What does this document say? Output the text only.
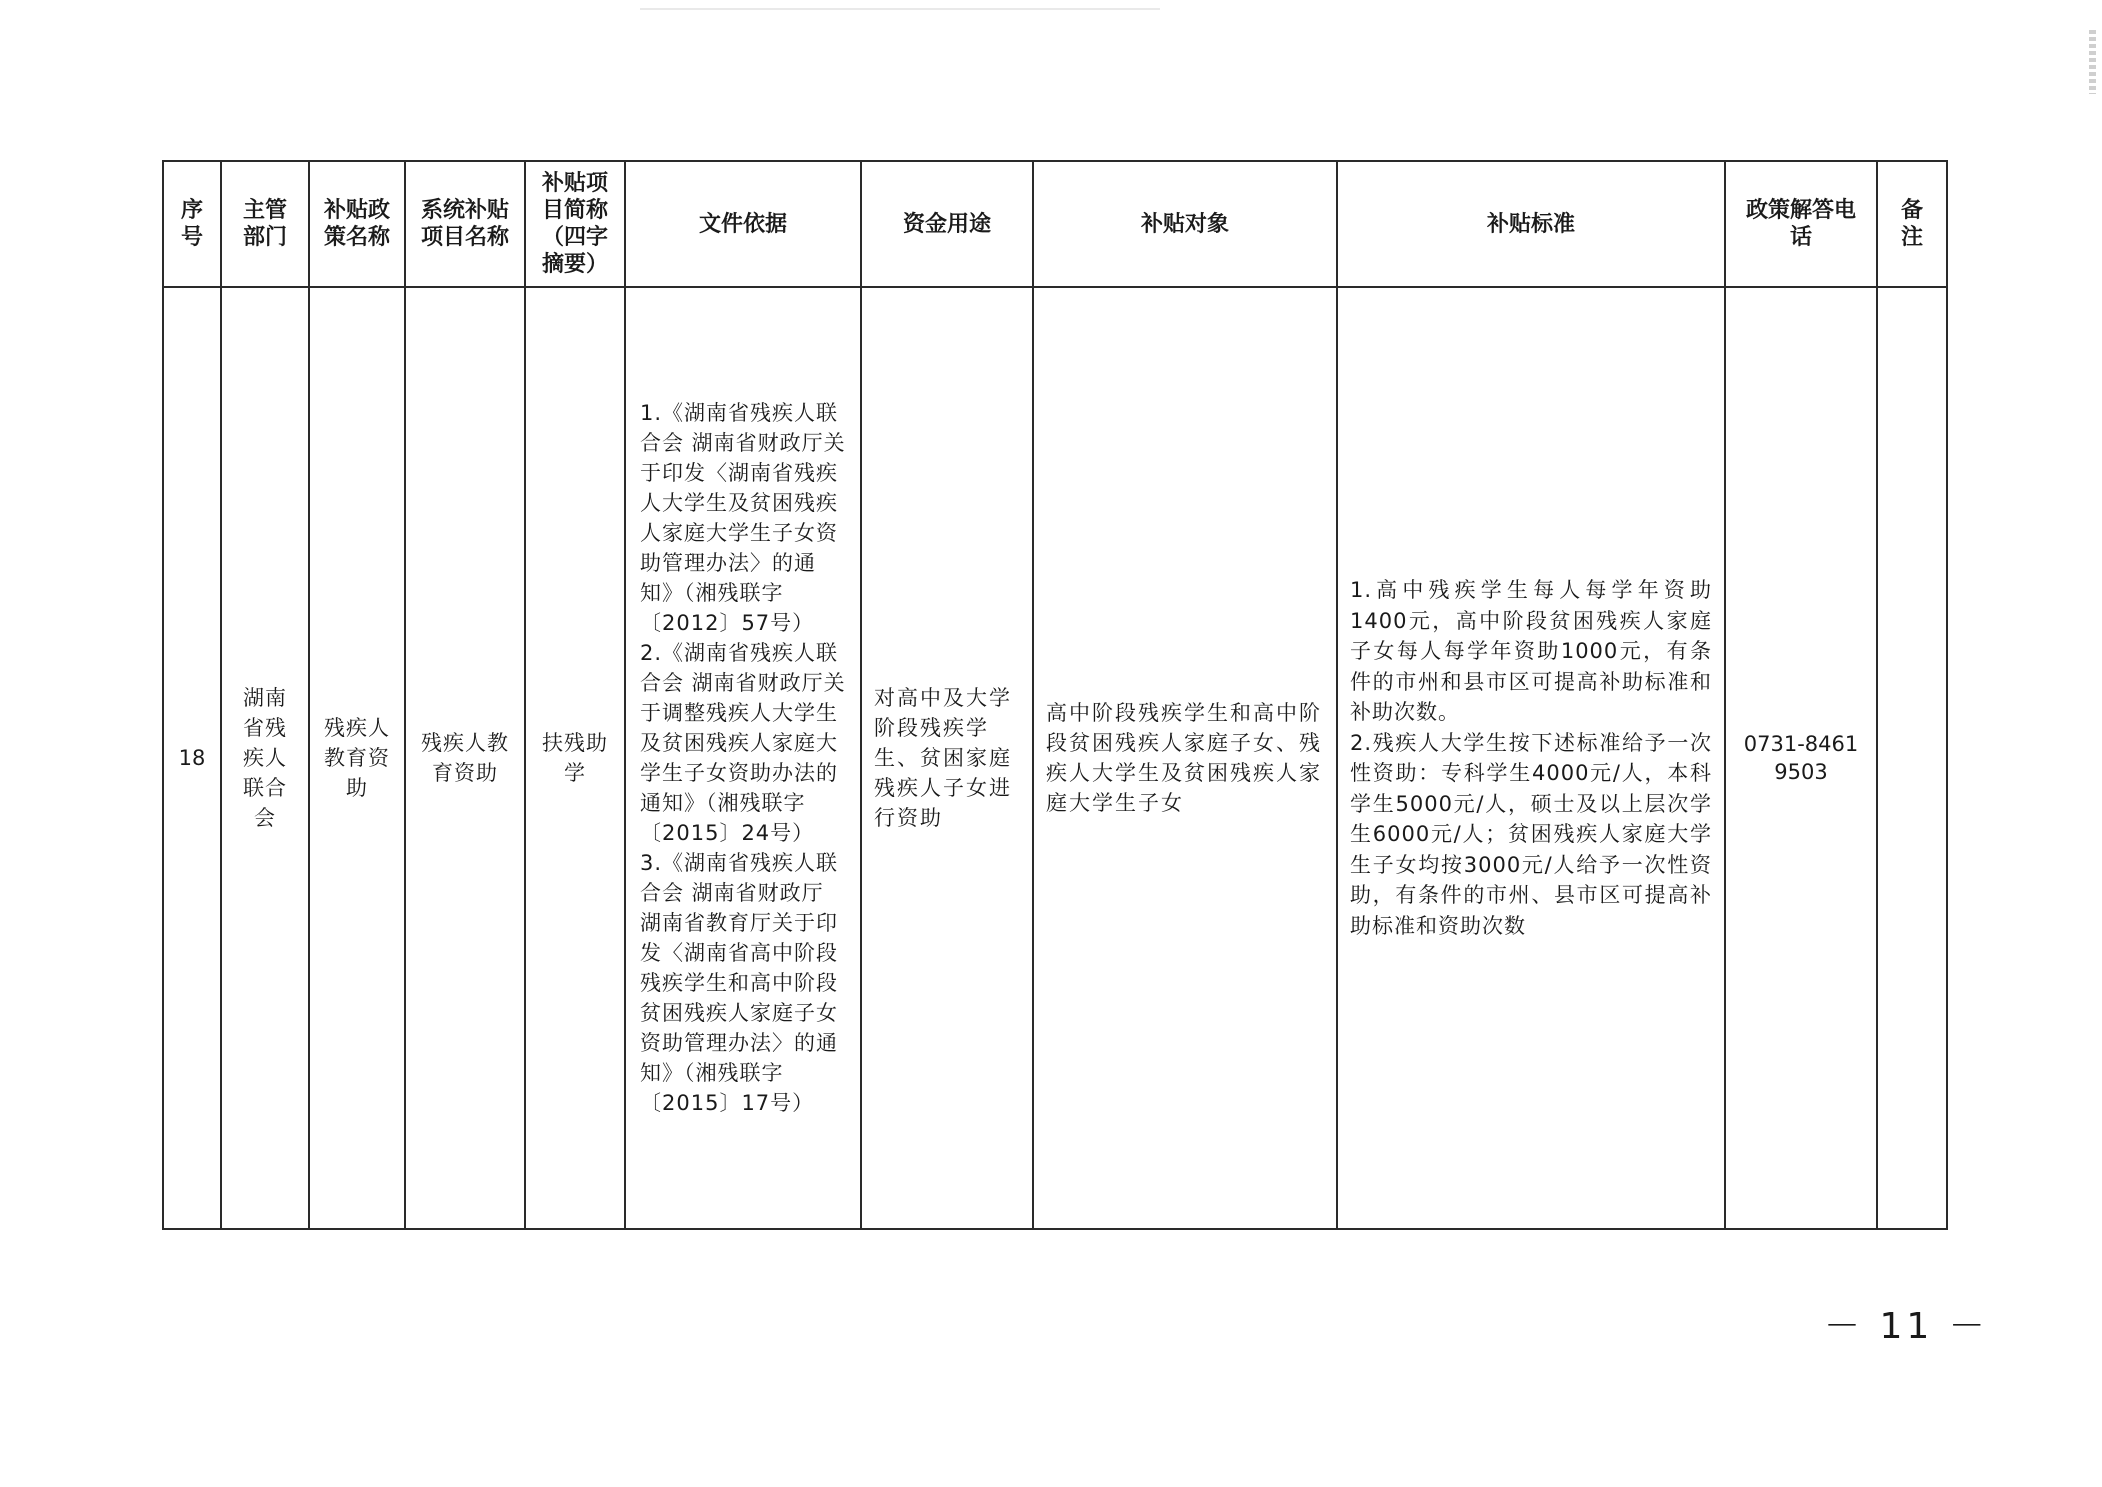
序号	主管部门	补贴政策名称	系统补贴项目名称	补贴项目简称（四字摘要）	文件依据	资金用途	补贴对象	补贴标准	政策解答电话	备注

18	湖南省残疾人联合会	残疾人教育资助	残疾人教育资助	扶残助学	1.《湖南省残疾人联合会 湖南省财政厅关于印发〈湖南省残疾人大学生及贫困残疾人家庭大学生子女资助管理办法〉的通知》（湘残联字〔2012〕57号）
2.《湖南省残疾人联合会 湖南省财政厅关于调整残疾人大学生及贫困残疾人家庭大学生子女资助办法的通知》（湘残联字〔2015〕24号）
3.《湖南省残疾人联合会 湖南省财政厅 湖南省教育厅关于印发〈湖南省高中阶段残疾学生和高中阶段贫困残疾人家庭子女资助管理办法〉的通知》（湘残联字〔2015〕17号）	对高中及大学阶段残疾学生、贫困家庭残疾人子女进行资助	高中阶段残疾学生和高中阶段贫困残疾人家庭子女、残疾人大学生及贫困残疾人家庭大学生子女	1.高中残疾学生每人每学年资助1400元，高中阶段贫困残疾人家庭子女每人每学年资助1000元，有条件的市州和县市区可提高补助标准和补助次数。
2.残疾人大学生按下述标准给予一次性资助：专科学生4000元/人，本科学生5000元/人，硕士及以上层次学生6000元/人；贫困残疾人家庭大学生子女均按3000元/人给予一次性资助，有条件的市州、县市区可提高补助标准和资助次数	0731-8461
9503	

－ 11 －
